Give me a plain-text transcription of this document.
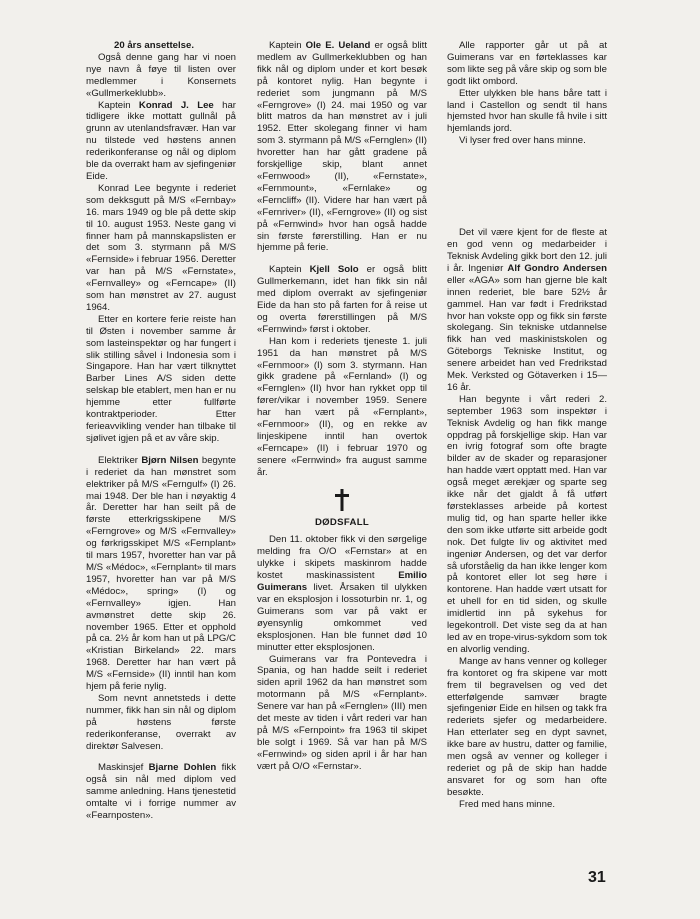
20 års ansettelse.

Også denne gang har vi noen nye navn å føye til listen over medlemmer i Konsernets «Gullmerkeklubb».

Kaptein Konrad J. Lee har tidligere ikke mottatt gullnål på grunn av utenlandsfravær. Han var nu tilstede ved høstens annen rederikonferanse og nål og diplom ble da overrakt ham av sjefingeniør Eide.

Konrad Lee begynte i rederiet som dekksgutt på M/S «Fernbay» 16. mars 1949 og ble på dette skip til 10. august 1953. Neste gang vi finner ham på mannskapslisten er det som 3. styrmann på M/S «Fernside» i februar 1956. Deretter var han på M/S «Fernstate», «Fernvalley» og «Ferncape» (II) som han mønstret av 27. august 1964.

Etter en kortere ferie reiste han til Østen i november samme år som lasteinspektør og har fungert i slik stilling såvel i Indonesia som i Singapore. Han har vært tilknyttet Barber Lines A/S siden dette selskap ble etablert, men han er nu hjemme etter fullførte kontraktperioder. Etter ferieavvikling vender han tilbake til sjølivet igjen på et av våre skip.

Elektriker Bjørn Nilsen begynte i rederiet da han mønstret som elektriker på M/S «Ferngulf» (I) 26. mai 1948. Der ble han i nøyaktig 4 år. Deretter har han seilt på de første etterkrigsskipene M/S «Ferngrove» og M/S «Fernvalley» og førkrigsskipet M/S «Fernplant» til mars 1957, hvoretter han var på M/S «Médoc», «Fernplant» til mars 1957, hvoretter han var på M/S «Médoc», spring» (I) og «Fernvalley» igjen. Han avmønstret dette skip 26. november 1965. Etter et opphold på ca. 2½ år kom han ut på LPG/C «Kristian Birkeland» 22. mars 1968. Deretter har han vært på M/S «Fernside» (II) inntil han kom hjem på ferie nylig.

Som nevnt annetsteds i dette nummer, fikk han sin nål og diplom på høstens første rederikonferanse, overrakt av direktør Salvesen.

Maskinsjef Bjarne Dohlen fikk også sin nål med diplom ved samme anledning. Hans tjenestetid omtalte vi i forrige nummer av «Fearnposten».

Kaptein Ole E. Ueland er også blitt medlem av Gullmerkeklubben og han fikk nål og diplom under et kort besøk på kontoret nylig. Han begynte i rederiet som jungmann på M/S «Ferngrove» (I) 24. mai 1950 og var blitt matros da han mønstret av i juli 1952. Etter skolegang finner vi ham som 3. styrmann på M/S «Fernglen» (II) hvoretter han har gått gradene på forskjellige skip, blant annet «Fernwood» (II), «Fernstate», «Fernmount», «Fernlake» og «Ferncliff» (II). Videre har han vært på «Fernriver» (II), «Ferngrove» (II) og sist på «Fernwind» hvor han også hadde sin første førerstilling. Han er nu hjemme på ferie.

Kaptein Kjell Solo er også blitt Gullmerkemann, idet han fikk sin nål med diplom overrakt av sjefingeniør Eide da han sto på farten for å reise ut og overta førerstillingen på M/S «Fernwind» først i oktober.

Han kom i rederiets tjeneste 1. juli 1951 da han mønstret på M/S «Fernmoor» (I) som 3. styrmann. Han gikk gradene på «Fernland» (I) og «Fernglen» (II) hvor han rykket opp til fører/vikar i november 1959. Senere har han vært på «Fernplant», «Fernmoor» (II), og en rekke av linjeskipene inntil han overtok «Ferncape» (II) i februar 1970 og senere «Fernwind» fra august samme år.

DØDSFALL

Den 11. oktober fikk vi den sørgelige melding fra O/O «Fernstar» at en ulykke i skipets maskinrom hadde kostet maskinassistent Emilio Guimerans livet. Årsaken til ulykken var en eksplosjon i lossoturbin nr. 1, og Guimerans som var på vakt er øyensynlig omkommet ved eksplosjonen. Han ble funnet død 10 minutter etter eksplosjonen.

Guimerans var fra Pontevedra i Spania, og han hadde seilt i rederiet siden april 1962 da han mønstret som motormann på M/S «Fernplant». Senere var han på «Fernglen» (III) men det meste av tiden i vårt rederi var han på M/S «Fernpoint» fra 1963 til skipet ble solgt i 1969. Så var han på M/S «Fernwind» og siden april i år har han vært på O/O «Fernstar».

Alle rapporter går ut på at Guimerans var en førteklasses kar som likte seg på våre skip og som ble godt likt ombord.

Etter ulykken ble hans båre tatt i land i Castellon og sendt til hans hjemsted hvor han skulle få hvile i sitt hjemlands jord.

Vi lyser fred over hans minne.

Det vil være kjent for de fleste at en god venn og medarbeider i Teknisk Avdeling gikk bort den 12. juli i år. Ingeniør Alf Gondro Andersen eller «AGA» som han gjerne ble kalt innen rederiet, ble bare 52½ år gammel. Han var født i Fredrikstad hvor han vokste opp og fikk sin første skolegang. Sin tekniske utdannelse fikk han ved maskinistskolen og Göteborgs Tekniske Institut, og senere arbeidet han ved Fredrikstad Mek. Verksted og Götaverken i 15—16 år.

Han begynte i vårt rederi 2. september 1963 som inspektør i Teknisk Avdelig og han fikk mange oppdrag på forskjellige skip. Han var en ivrig fotograf som ofte bragte bilder av de skader og reparasjoner han hadde vært opptatt med. Han var også meget ærekjær og sparte seg ikke når det gjaldt å få utført førsteklasses arbeide på kortest mulig tid, og han sparte heller ikke den som ikke utførte sitt arbeide godt nok. Det fulgte liv og aktivitet med ingeniør Andersen, og det var derfor så uforståelig da han ikke lenger kom på kontoret eller lot seg høre i kontorene. Han hadde vært utsatt for et uhell for en tid siden, og skulle imidlertid inn på sykehus for legekontroll. Det viste seg da at han led av en trope-virus-sykdom som tok en alvorlig vending.

Mange av hans venner og kolleger fra kontoret og fra skipene var mott frem til begravelsen og ved det etterfølgende samvær bragte sjefingeniør Eide en hilsen og takk fra rederiets sjefer og medarbeidere. Han etterlater seg en dypt savnet, ikke bare av hustru, datter og familie, men også av venner og kolleger i rederiet og på de skip han hadde ansvaret for og som han ofte besøkte.

Fred med hans minne.

31
